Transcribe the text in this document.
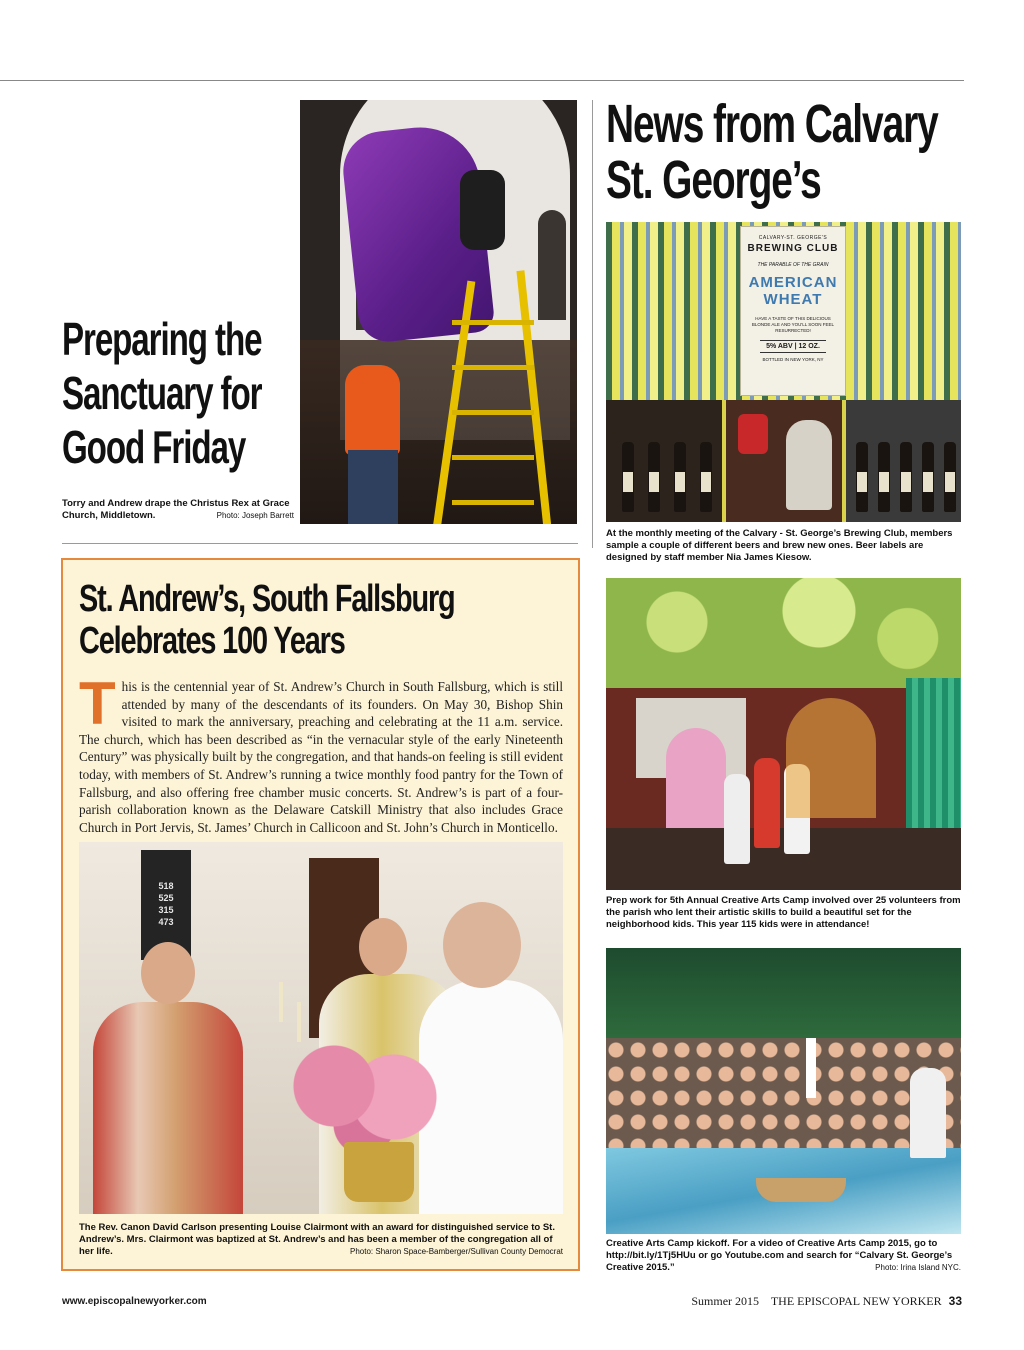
Preparing the
Sanctuary for
Good Friday
Torry and Andrew drape the Christus Rex at Grace Church, Middletown.	Photo: Joseph Barrett
News from Calvary
St. George’s
CALVARY-ST. GEORGE'S
BREWING CLUB
THE PARABLE OF THE GRAIN
AMERICAN
WHEAT
HAVE A TASTE OF THIS DELICIOUS BLONDE ALE AND YOU'LL SOON FEEL RESURRECTED!
5% ABV | 12 OZ.
BOTTLED IN NEW YORK, NY
At the monthly meeting of the Calvary - St. George’s Brewing Club, members sample a couple of different beers and brew new ones. Beer labels are designed by staff member Nia James Kiesow.
Prep work for 5th Annual Creative Arts Camp involved over 25 volunteers from the parish who lent their artistic skills to build a beautiful set for the neighborhood kids. This year 115 kids were in attendance!
Creative Arts Camp kickoff. For a video of Creative Arts Camp 2015, go to http://bit.ly/1Tj5HUu or go Youtube.com and search for “Calvary St. George’s Creative 2015.”	Photo: Irina Island NYC.
St. Andrew’s, South Fallsburg
Celebrates 100 Years
This is the centennial year of St. Andrew’s Church in South Fallsburg, which is still attended by many of the descendants of its founders. On May 30, Bishop Shin visited to mark the anniversary, preaching and celebrating at the 11 a.m. service. The church, which has been described as “in the vernacular style of the early Nineteenth Century” was physically built by the congregation, and that hands-on feeling is still evident today, with members of St. Andrew’s running a twice monthly food pantry for the Town of Fallsburg, and also offering free chamber music concerts. St. Andrew’s is part of a four-parish collaboration known as the Delaware Catskill Ministry that also includes Grace Church in Port Jervis, St. James’ Church in Callicoon and St. John’s Church in Monticello.
518
525
315
473
The Rev. Canon David Carlson presenting Louise Clairmont with an award for distinguished service to St. Andrew’s. Mrs. Clairmont was baptized at St. Andrew’s and has been a member of the congregation all of her life.	Photo: Sharon Space-Bamberger/Sullivan County Democrat
www.episcopalnewyorker.com	Summer 2015 THE EPISCOPAL NEW YORKER 33
